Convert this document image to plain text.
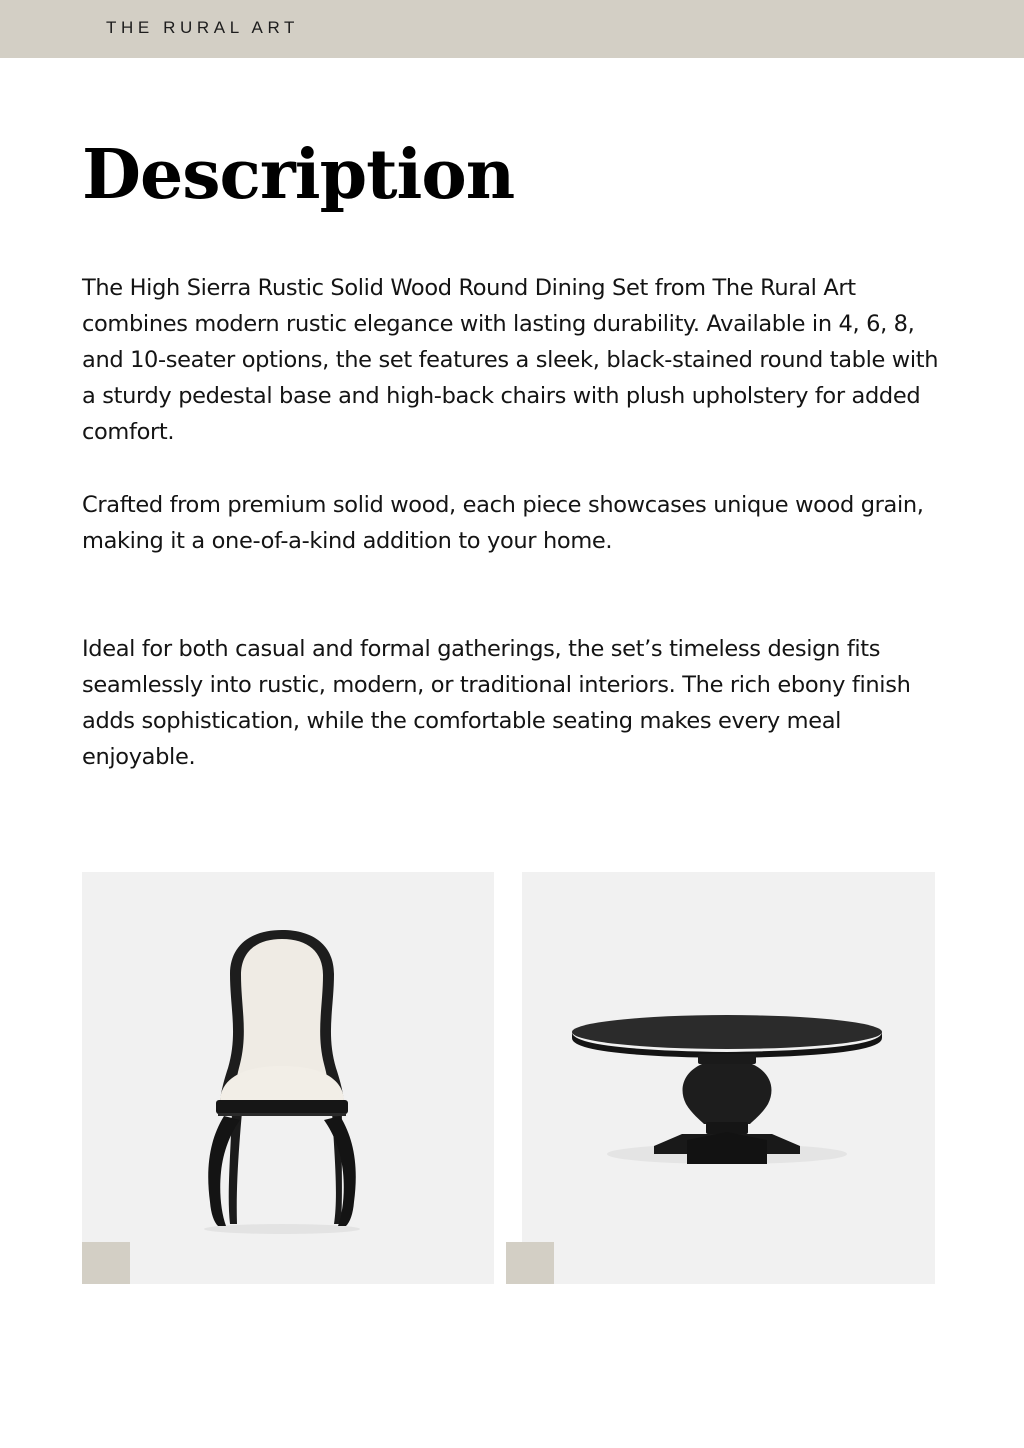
THE RURAL ART
Description

The High Sierra Rustic Solid Wood Round Dining Set from The Rural Art combines modern rustic elegance with lasting durability. Available in 4, 6, 8, and 10-seater options, the set features a sleek, black-stained round table with a sturdy pedestal base and high-back chairs with plush upholstery for added comfort.

Crafted from premium solid wood, each piece showcases unique wood grain, making it a one-of-a-kind addition to your home.

Ideal for both casual and formal gatherings, the set’s timeless design fits seamlessly into rustic, modern, or traditional interiors. The rich ebony finish adds sophistication, while the comfortable seating makes every meal enjoyable.
